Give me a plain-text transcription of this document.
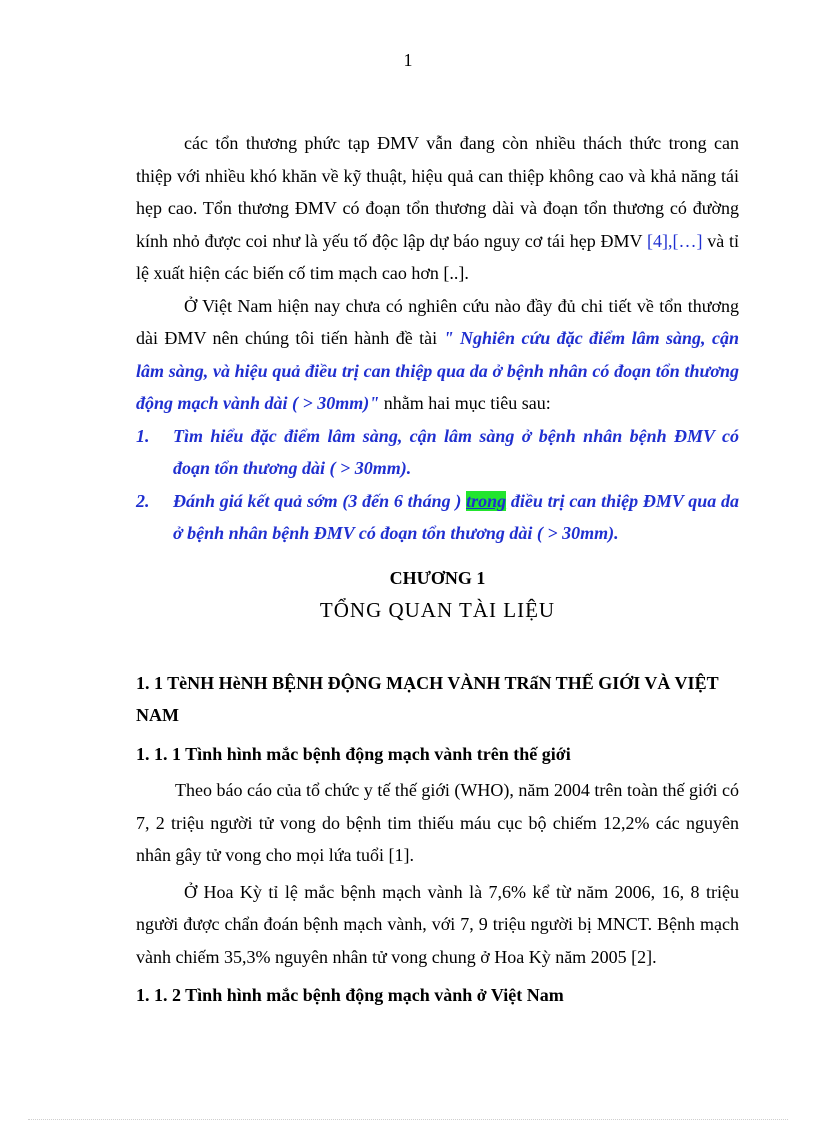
1

các tổn thương phức tạp ĐMV vẫn đang còn nhiều thách thức trong can thiệp với nhiều khó khăn về kỹ thuật, hiệu quả can thiệp không cao và khả năng tái hẹp cao. Tổn thương ĐMV có đoạn tổn thương dài và đoạn tổn thương có đường kính nhỏ được coi như là yếu tố độc lập dự báo nguy cơ tái hẹp ĐMV [4],[…] và tỉ lệ xuất hiện các biến cố tim mạch cao hơn [..].

Ở Việt Nam hiện nay chưa có nghiên cứu nào đầy đủ chi tiết về tổn thương dài ĐMV nên chúng tôi tiến hành đề tài " Nghiên cứu đặc điểm lâm sàng, cận lâm sàng, và hiệu quả điều trị can thiệp qua da ở bệnh nhân có đoạn tổn thương động mạch vành dài ( > 30mm)" nhằm hai mục tiêu sau:

1. Tìm hiểu đặc điểm lâm sàng, cận lâm sàng ở bệnh nhân bệnh ĐMV có đoạn tổn thương dài ( > 30mm).

2. Đánh giá kết quả sớm (3 đến 6 tháng ) trong điều trị can thiệp ĐMV qua da ở bệnh nhân bệnh ĐMV có đoạn tổn thương dài ( > 30mm).

CHƯƠNG 1

TỔNG QUAN TÀI LIỆU

1. 1 TèNH HèNH BỆNH ĐỘNG MẠCH VÀNH TRấN THẾ GIỚI VÀ VIỆT NAM

1. 1. 1 Tình hình mắc bệnh động mạch vành trên thế giới

Theo báo cáo của tổ chức y tế thế giới (WHO), năm 2004 trên toàn thế giới có 7, 2 triệu người tử vong do bệnh tim thiếu máu cục bộ chiếm 12,2% các nguyên nhân gây tử vong cho mọi lứa tuổi [1].

Ở Hoa Kỳ tỉ lệ mắc bệnh mạch vành là 7,6% kể từ năm 2006, 16, 8 triệu người được chẩn đoán bệnh mạch vành, với 7, 9 triệu người bị MNCT. Bệnh mạch vành chiếm 35,3% nguyên nhân tử vong chung ở Hoa Kỳ năm 2005 [2].

1. 1. 2 Tình hình mắc bệnh động mạch vành ở Việt Nam
